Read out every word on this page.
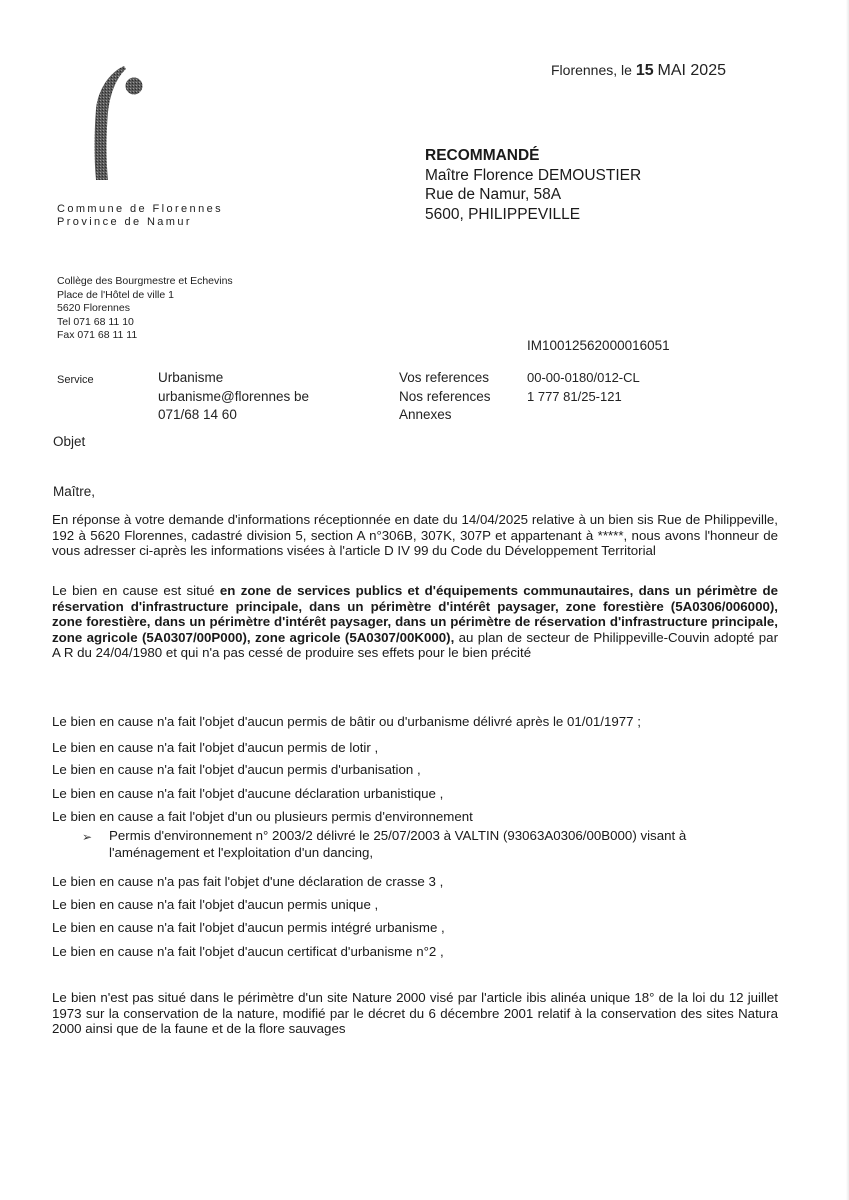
Commune de Florennes
Province de Namur
Florennes, le 15 MAI 2025
RECOMMANDÉ
Maître Florence DEMOUSTIER
Rue de Namur, 58A
5600, PHILIPPEVILLE
Collège des Bourgmestre et Echevins
Place de l'Hôtel de ville 1
5620 Florennes
Tel 071 68 11 10
Fax 071 68 11 11
IM10012562000016051
Service	Urbanisme
urbanisme@florennes be
071/68 14 60
Vos references
Nos references
Annexes
00-00-0180/012-CL
1 777 81/25-121
Objet
Maître,
En réponse à votre demande d'informations réceptionnée en date du 14/04/2025 relative à un bien sis Rue de Philippeville, 192 à 5620 Florennes, cadastré division 5, section A n°306B, 307K, 307P et appartenant à *****, nous avons l'honneur de vous adresser ci-après les informations visées à l'article D IV 99 du Code du Développement Territorial
Le bien en cause est situé en zone de services publics et d'équipements communautaires, dans un périmètre de réservation d'infrastructure principale, dans un périmètre d'intérêt paysager, zone forestière (5A0306/006000), zone forestière, dans un périmètre d'intérêt paysager, dans un périmètre de réservation d'infrastructure principale, zone agricole (5A0307/00P000), zone agricole (5A0307/00K000), au plan de secteur de Philippeville-Couvin adopté par A R du 24/04/1980 et qui n'a pas cessé de produire ses effets pour le bien précité
Le bien en cause n'a fait l'objet d'aucun permis de bâtir ou d'urbanisme délivré après le 01/01/1977 ;
Le bien en cause n'a fait l'objet d'aucun permis de lotir ,
Le bien en cause n'a fait l'objet d'aucun permis d'urbanisation ,
Le bien en cause n'a fait l'objet d'aucune déclaration urbanistique ,
Le bien en cause a fait l'objet d'un ou plusieurs permis d'environnement
➢ Permis d'environnement n° 2003/2 délivré le 25/07/2003 à VALTIN (93063A0306/00B000) visant à l'aménagement et l'exploitation d'un dancing,
Le bien en cause n'a pas fait l'objet d'une déclaration de crasse 3 ,
Le bien en cause n'a fait l'objet d'aucun permis unique ,
Le bien en cause n'a fait l'objet d'aucun permis intégré urbanisme ,
Le bien en cause n'a fait l'objet d'aucun certificat d'urbanisme n°2 ,
Le bien n'est pas situé dans le périmètre d'un site Nature 2000 visé par l'article ibis alinéa unique 18° de la loi du 12 juillet 1973 sur la conservation de la nature, modifié par le décret du 6 décembre 2001 relatif à la conservation des sites Natura 2000 ainsi que de la faune et de la flore sauvages
